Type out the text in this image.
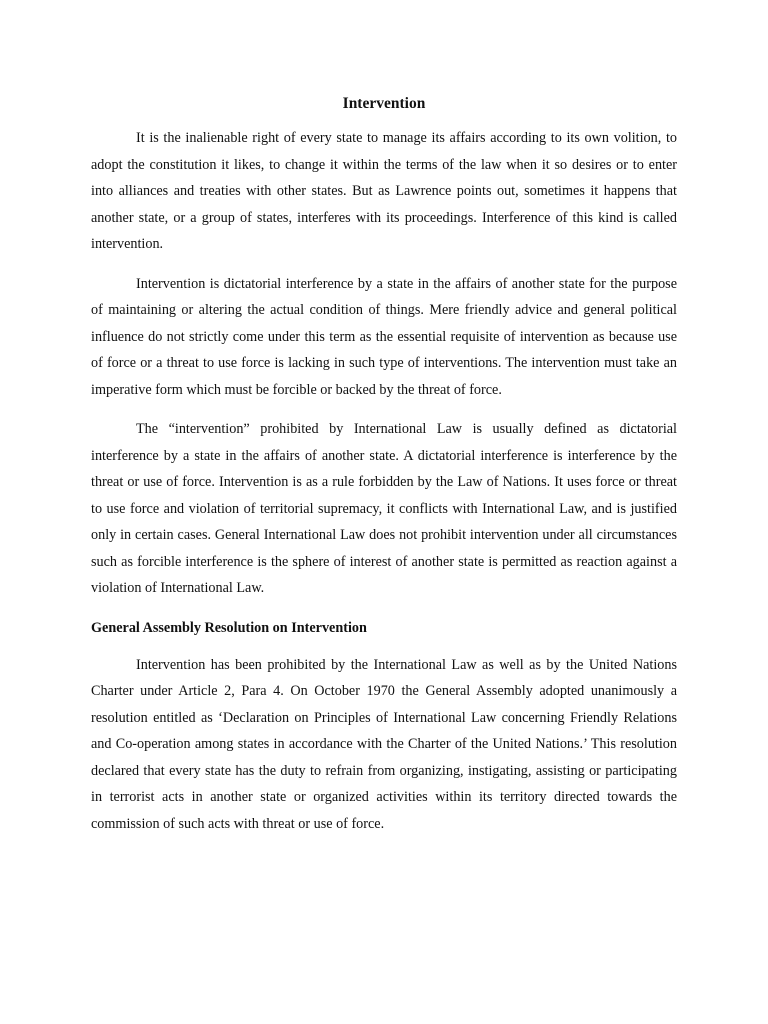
Intervention

It is the inalienable right of every state to manage its affairs according to its own volition, to adopt the constitution it likes, to change it within the terms of the law when it so desires or to enter into alliances and treaties with other states. But as Lawrence points out, sometimes it happens that another state, or a group of states, interferes with its proceedings. Interference of this kind is called intervention.

Intervention is dictatorial interference by a state in the affairs of another state for the purpose of maintaining or altering the actual condition of things. Mere friendly advice and general political influence do not strictly come under this term as the essential requisite of intervention as because use of force or a threat to use force is lacking in such type of interventions. The intervention must take an imperative form which must be forcible or backed by the threat of force.

The “intervention” prohibited by International Law is usually defined as dictatorial interference by a state in the affairs of another state. A dictatorial interference is interference by the threat or use of force. Intervention is as a rule forbidden by the Law of Nations. It uses force or threat to use force and violation of territorial supremacy, it conflicts with International Law, and is justified only in certain cases. General International Law does not prohibit intervention under all circumstances such as forcible interference is the sphere of interest of another state is permitted as reaction against a violation of International Law.

General Assembly Resolution on Intervention

Intervention has been prohibited by the International Law as well as by the United Nations Charter under Article 2, Para 4. On October 1970 the General Assembly adopted unanimously a resolution entitled as ‘Declaration on Principles of International Law concerning Friendly Relations and Co-operation among states in accordance with the Charter of the United Nations.’ This resolution declared that every state has the duty to refrain from organizing, instigating, assisting or participating in terrorist acts in another state or organized activities within its territory directed towards the commission of such acts with threat or use of force.
